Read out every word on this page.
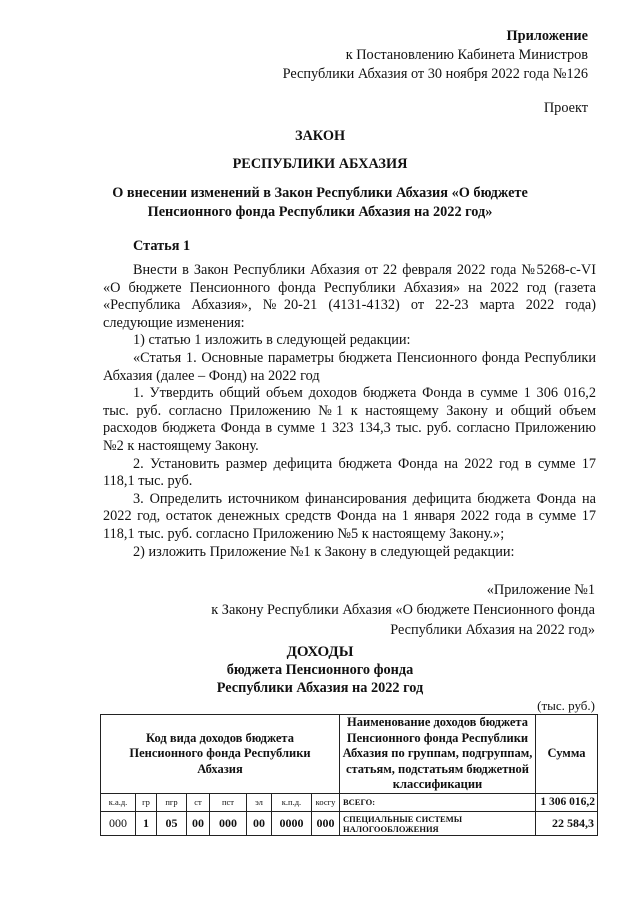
Приложение
к Постановлению Кабинета Министров
Республики Абхазия от 30 ноября 2022 года №126
Проект
ЗАКОН
РЕСПУБЛИКИ АБХАЗИЯ
О внесении изменений в Закон Республики Абхазия «О бюджете
Пенсионного фонда Республики Абхазия на 2022 год»
Статья 1

Внести в Закон Республики Абхазия от 22 февраля 2022 года №5268-с-VI «О бюджете Пенсионного фонда Республики Абхазия» на 2022 год (газета «Республика Абхазия», №20-21 (4131-4132) от 22-23 марта 2022 года) следующие изменения:

1) статью 1 изложить в следующей редакции:

«Статья 1. Основные параметры бюджета Пенсионного фонда Республики Абхазия (далее – Фонд) на 2022 год

1. Утвердить общий объем доходов бюджета Фонда в сумме 1 306 016,2 тыс. руб. согласно Приложению №1 к настоящему Закону и общий объем расходов бюджета Фонда в сумме 1 323 134,3 тыс. руб. согласно Приложению №2 к настоящему Закону.

2. Установить размер дефицита бюджета Фонда на 2022 год в сумме 17 118,1 тыс. руб.

3. Определить источником финансирования дефицита бюджета Фонда на 2022 год, остаток денежных средств Фонда на 1 января 2022 года в сумме 17 118,1 тыс. руб. согласно Приложению №5 к настоящему Закону.»;

2) изложить Приложение №1 к Закону в следующей редакции:

«Приложение №1
к Закону Республики Абхазия «О бюджете Пенсионного фонда
Республики Абхазия на 2022 год»
ДОХОДЫ
бюджета Пенсионного фонда
Республики Абхазия на 2022 год
(тыс. руб.)
Код вида доходов бюджета Пенсионного фонда Республики Абхазия								Наименование доходов бюджета Пенсионного фонда Республики Абхазия по группам, подгруппам, статьям, подстатьям бюджетной классификации	Сумма
к.а.д.	гр	пгр	ст	пст	эл	к.п.д.	косгу	ВСЕГО:	1 306 016,2
000	1	05	00	000	00	0000	000	СПЕЦИАЛЬНЫЕ СИСТЕМЫ НАЛОГООБЛОЖЕНИЯ	22 584,3
